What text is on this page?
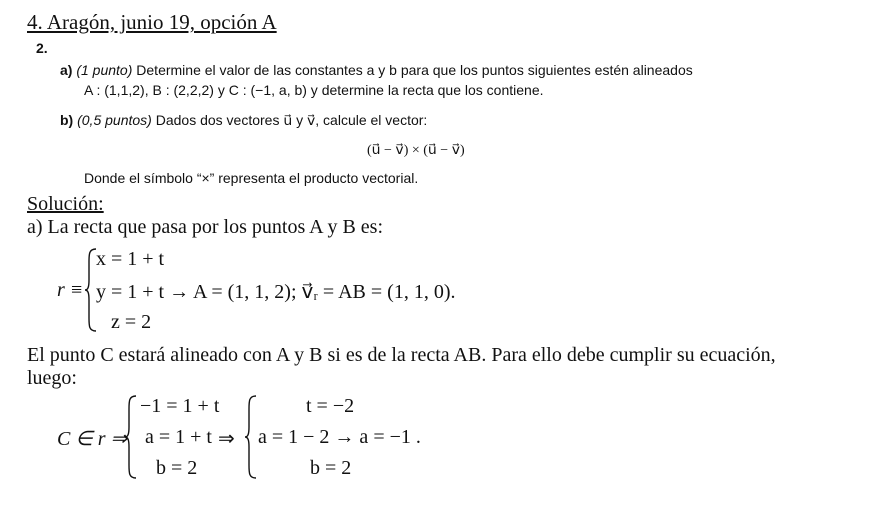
4. Aragón, junio 19, opción A
2.
a) (1 punto) Determine el valor de las constantes a y b para que los puntos siguientes estén alineados
A : (1,1,2), B : (2,2,2) y C : (−1, a, b) y determine la recta que los contiene.
b) (0,5 puntos) Dados dos vectores u⃗ y v⃗, calcule el vector:
(u⃗ − v⃗) × (u⃗ − v⃗)
Donde el símbolo “×” representa el producto vectorial.
Solución:
a) La recta que pasa por los puntos A y B es:
r ≡
x = 1 + t
y = 1 + t → A = (1, 1, 2); v⃗ᵣ = AB = (1, 1, 0).
z = 2
El punto C estará alineado con A y B si es de la recta AB. Para ello debe cumplir su ecuación,
luego:
C ∈ r ⇒
−1 = 1 + t
a = 1 + t
b = 2
⇒
t = −2
a = 1 − 2 → a = −1 .
b = 2
